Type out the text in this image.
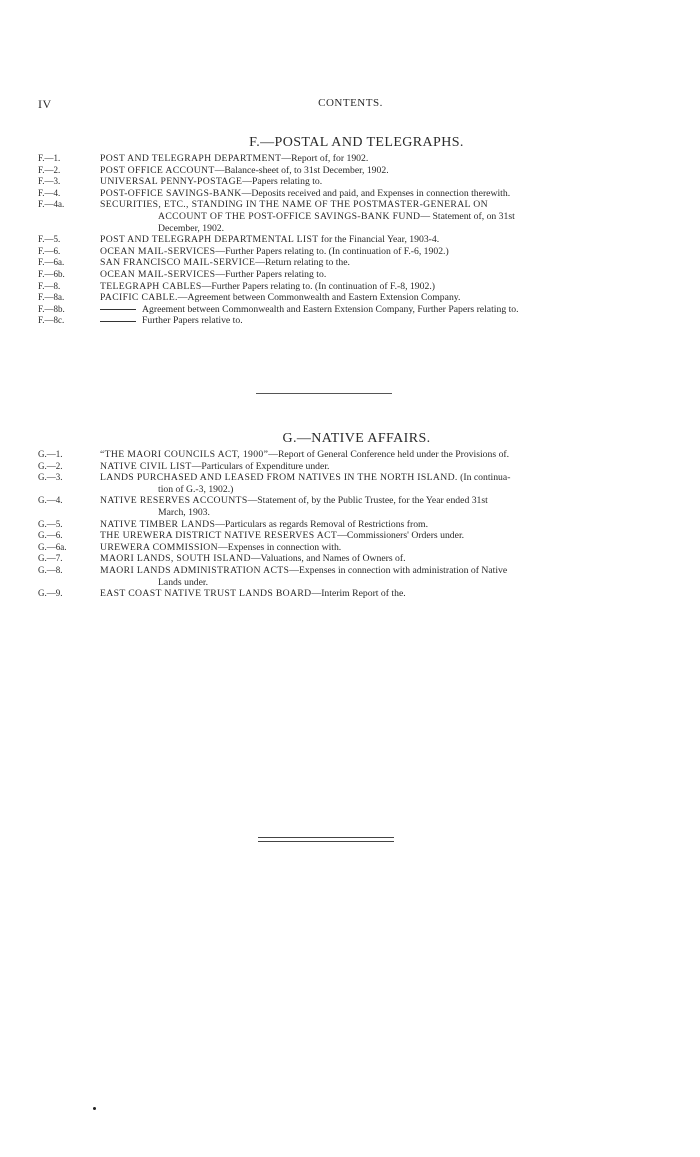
IV	CONTENTS.
F.—POSTAL AND TELEGRAPHS.
F.—1.	POST AND TELEGRAPH DEPARTMENT—Report of, for 1902.
F.—2.	POST OFFICE ACCOUNT—Balance-sheet of, to 31st December, 1902.
F.—3.	UNIVERSAL PENNY-POSTAGE—Papers relating to.
F.—4.	POST-OFFICE SAVINGS-BANK—Deposits received and paid, and Expenses in connection therewith.
F.—4a.	SECURITIES, ETC., STANDING IN THE NAME OF THE POSTMASTER-GENERAL ON
ACCOUNT OF THE POST-OFFICE SAVINGS-BANK FUND— Statement of, on 31st
December, 1902.
F.—5.	POST AND TELEGRAPH DEPARTMENTAL LIST for the Financial Year, 1903-4.
F.—6.	OCEAN MAIL-SERVICES—Further Papers relating to. (In continuation of F.-6, 1902.)
F.—6a.	SAN FRANCISCO MAIL-SERVICE—Return relating to the.
F.—6b.	OCEAN MAIL-SERVICES—Further Papers relating to.
F.—8.	TELEGRAPH CABLES—Further Papers relating to. (In continuation of F.-8, 1902.)
F.—8a.	PACIFIC CABLE.—Agreement between Commonwealth and Eastern Extension Company.
F.—8b.	Agreement between Commonwealth and Eastern Extension Company, Further Papers relating to.
F.—8c.	Further Papers relative to.
G.—NATIVE AFFAIRS.
G.—1.	“THE MAORI COUNCILS ACT, 1900”—Report of General Conference held under the Provisions of.
G.—2.	NATIVE CIVIL LIST—Particulars of Expenditure under.
G.—3.	LANDS PURCHASED AND LEASED FROM NATIVES IN THE NORTH ISLAND. (In continua-
tion of G.-3, 1902.)
G.—4.	NATIVE RESERVES ACCOUNTS—Statement of, by the Public Trustee, for the Year ended 31st
March, 1903.
G.—5.	NATIVE TIMBER LANDS—Particulars as regards Removal of Restrictions from.
G.—6.	THE UREWERA DISTRICT NATIVE RESERVES ACT—Commissioners' Orders under.
G.—6a.	UREWERA COMMISSION—Expenses in connection with.
G.—7.	MAORI LANDS, SOUTH ISLAND—Valuations, and Names of Owners of.
G.—8.	MAORI LANDS ADMINISTRATION ACTS—Expenses in connection with administration of Native
Lands under.
G.—9.	EAST COAST NATIVE TRUST LANDS BOARD—Interim Report of the.
